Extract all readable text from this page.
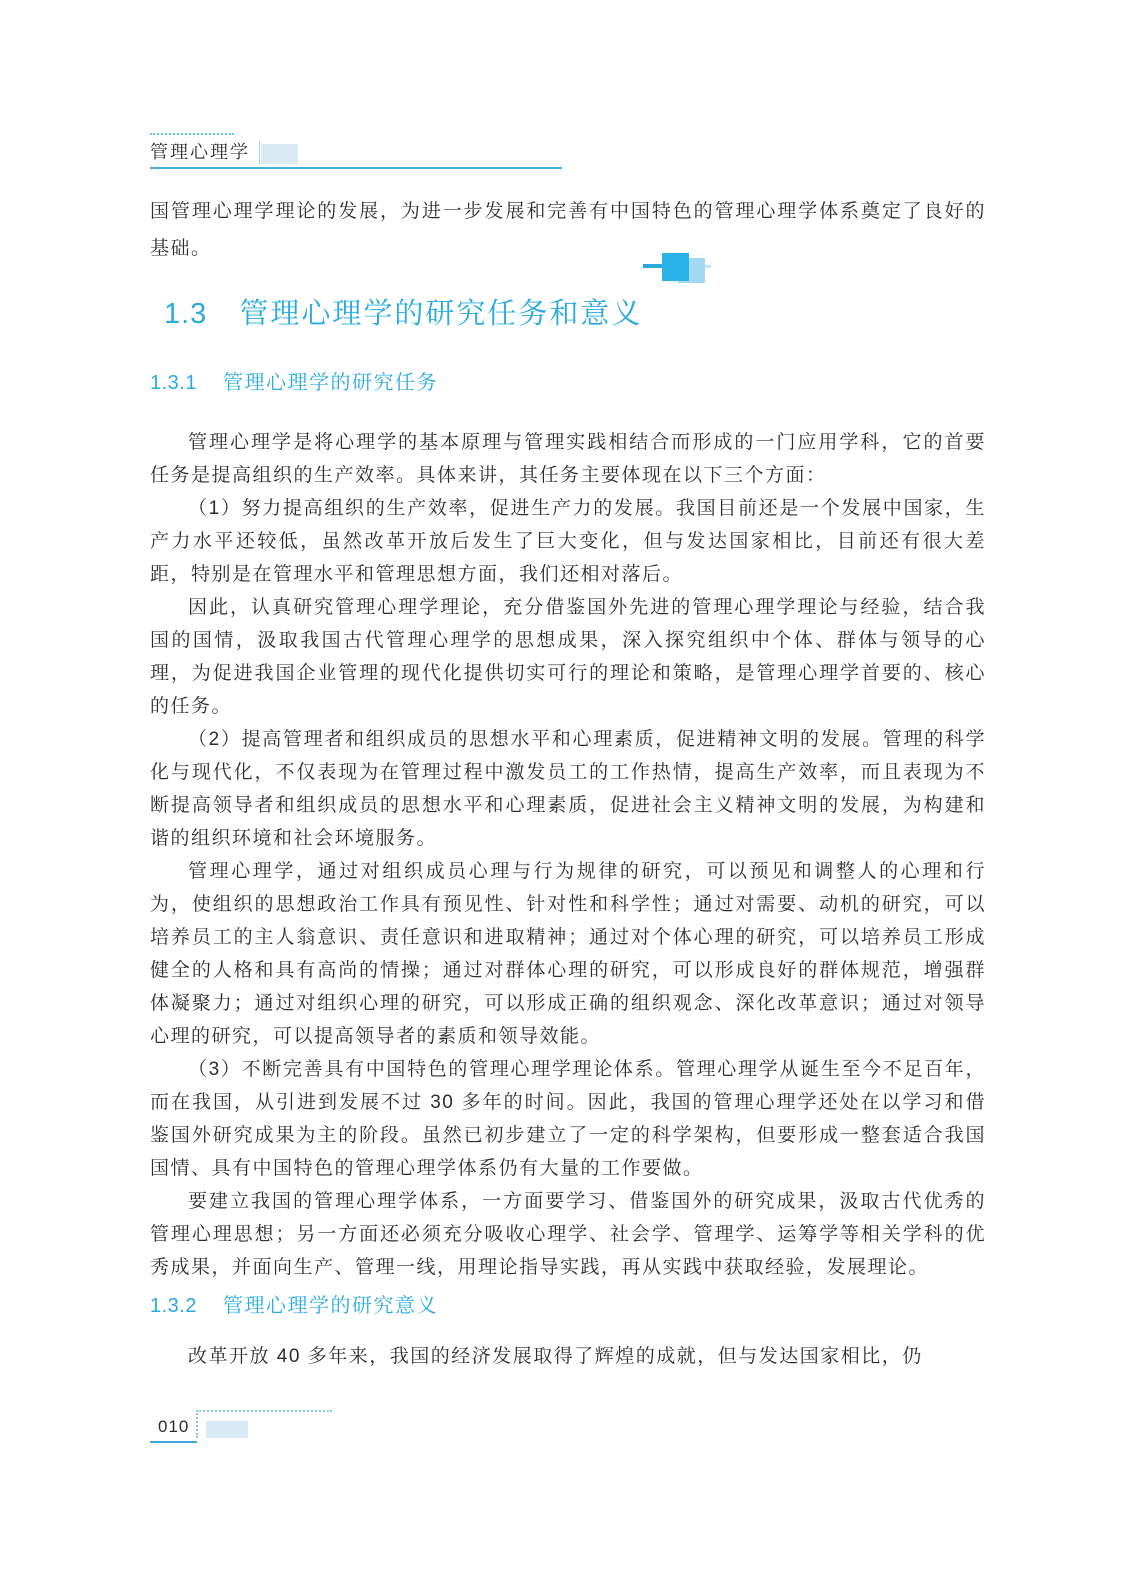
管理心理学

国管理心理学理论的发展，为进一步发展和完善有中国特色的管理心理学体系奠定了良好的基础。

1.3 管理心理学的研究任务和意义
1.3.1 管理心理学的研究任务

管理心理学是将心理学的基本原理与管理实践相结合而形成的一门应用学科，它的首要任务是提高组织的生产效率。具体来讲，其任务主要体现在以下三个方面：

（1）努力提高组织的生产效率，促进生产力的发展。我国目前还是一个发展中国家，生产力水平还较低，虽然改革开放后发生了巨大变化，但与发达国家相比，目前还有很大差距，特别是在管理水平和管理思想方面，我们还相对落后。

因此，认真研究管理心理学理论，充分借鉴国外先进的管理心理学理论与经验，结合我国的国情，汲取我国古代管理心理学的思想成果，深入探究组织中个体、群体与领导的心理，为促进我国企业管理的现代化提供切实可行的理论和策略，是管理心理学首要的、核心的任务。

（2）提高管理者和组织成员的思想水平和心理素质，促进精神文明的发展。管理的科学化与现代化，不仅表现为在管理过程中激发员工的工作热情，提高生产效率，而且表现为不断提高领导者和组织成员的思想水平和心理素质，促进社会主义精神文明的发展，为构建和谐的组织环境和社会环境服务。

管理心理学，通过对组织成员心理与行为规律的研究，可以预见和调整人的心理和行为，使组织的思想政治工作具有预见性、针对性和科学性；通过对需要、动机的研究，可以培养员工的主人翁意识、责任意识和进取精神；通过对个体心理的研究，可以培养员工形成健全的人格和具有高尚的情操；通过对群体心理的研究，可以形成良好的群体规范，增强群体凝聚力；通过对组织心理的研究，可以形成正确的组织观念、深化改革意识；通过对领导心理的研究，可以提高领导者的素质和领导效能。

（3）不断完善具有中国特色的管理心理学理论体系。管理心理学从诞生至今不足百年，而在我国，从引进到发展不过 30 多年的时间。因此，我国的管理心理学还处在以学习和借鉴国外研究成果为主的阶段。虽然已初步建立了一定的科学架构，但要形成一整套适合我国国情、具有中国特色的管理心理学体系仍有大量的工作要做。

要建立我国的管理心理学体系，一方面要学习、借鉴国外的研究成果，汲取古代优秀的管理心理思想；另一方面还必须充分吸收心理学、社会学、管理学、运筹学等相关学科的优秀成果，并面向生产、管理一线，用理论指导实践，再从实践中获取经验，发展理论。

1.3.2 管理心理学的研究意义

改革开放 40 多年来，我国的经济发展取得了辉煌的成就，但与发达国家相比，仍

010
